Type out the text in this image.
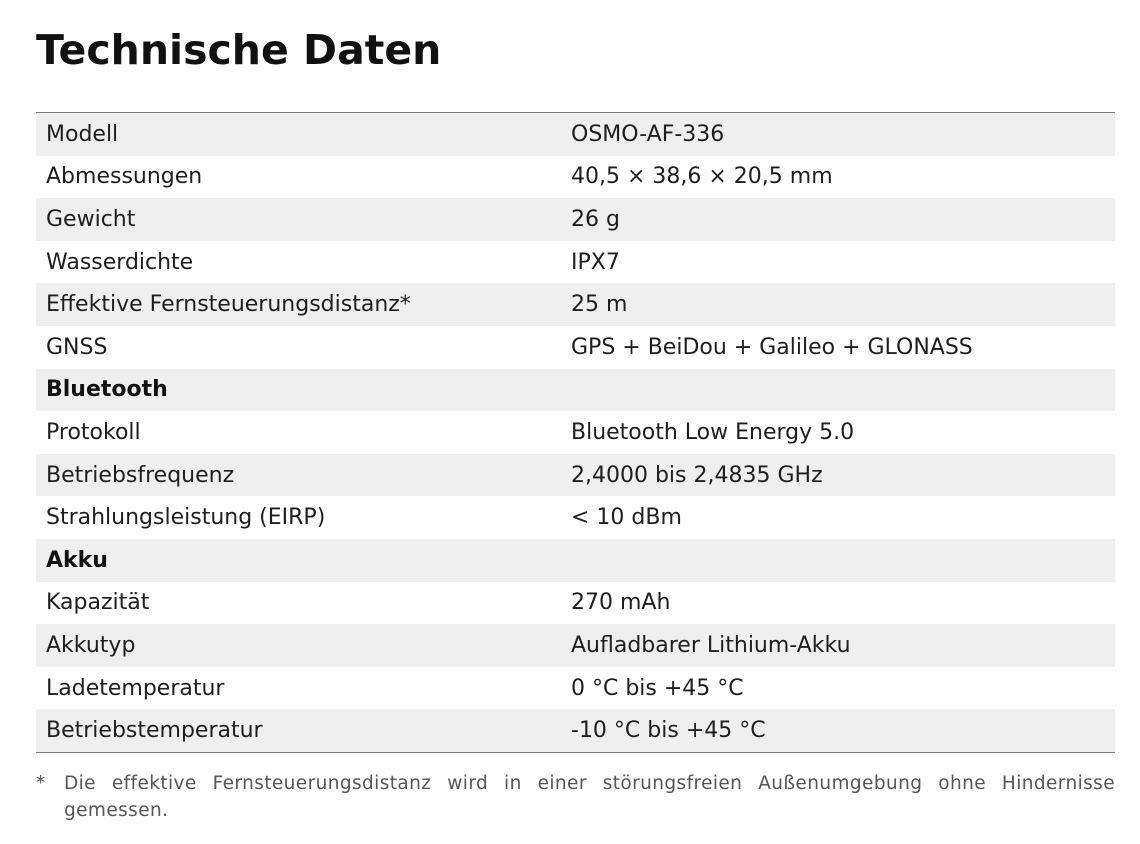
Technische Daten
Modell	OSMO-AF-336
Abmessungen	40,5 × 38,6 × 20,5 mm
Gewicht	26 g
Wasserdichte	IPX7
Effektive Fernsteuerungsdistanz*	25 m
GNSS	GPS + BeiDou + Galileo + GLONASS
Bluetooth	
Protokoll	Bluetooth Low Energy 5.0
Betriebsfrequenz	2,4000 bis 2,4835 GHz
Strahlungsleistung (EIRP)	< 10 dBm
Akku	
Kapazität	270 mAh
Akkutyp	Aufladbarer Lithium-Akku
Ladetemperatur	0 °C bis +45 °C
Betriebstemperatur	-10 °C bis +45 °C
*	Die effektive Fernsteuerungsdistanz wird in einer störungsfreien Außenumgebung ohne Hindernisse gemessen.
